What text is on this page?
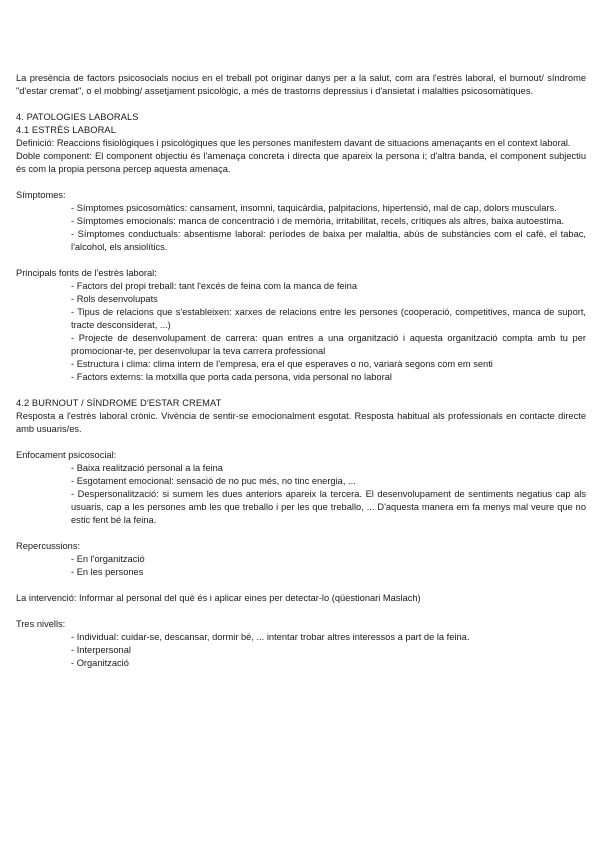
La presència de factors psicosocials nocius en el treball pot originar danys per a la salut, com ara l'estrès laboral, el burnout/ síndrome "d'estar cremat", o el mobbing/ assetjament psicològic, a més de trastorns depressius i d'ansietat i malalties psicosomàtiques.

4. PATOLOGIES LABORALS

4.1 ESTRÈS LABORAL

Definició: Reaccions fisiològiques i psicològiques que les persones manifestem davant de situacions amenaçants en el context laboral.

Doble component: El component objectiu és l'amenaça concreta i directa que apareix la persona i; d'altra banda, el component subjectiu és com la propia persona percep aquesta amenaça.

Símptomes:

- Símptomes psicosomàtics: cansament, insomni, taquicàrdia, palpitacions, hipertensió, mal de cap, dolors musculars.
- Símptomes emocionals: manca de concentració i de memòria, irritabilitat, recels, crítiques als altres, baixa autoestima.
- Símptomes conductuals: absentisme laboral: períodes de baixa per malaltia, abús de substàncies com el cafè, el tabac, l'alcohol, els ansiolítics.

Principals fonts de l'estrès laboral:

- Factors del propi treball: tant l'excés de feina com la manca de feina
- Rols desenvolupats
- Tipus de relacions que s'estableixen: xarxes de relacions entre les persones (cooperació, competitives, manca de suport, tracte desconsiderat, ...)
- Projecte de desenvolupament de carrera: quan entres a una organització i aquesta organització compta amb tu per promocionar-te, per desenvolupar la teva carrera professional
- Estructura i clima: clima intern de l'empresa, era el que esperaves o no, variarà segons com em senti
- Factors externs: la motxilla que porta cada persona, vida personal no laboral

4.2 BURNOUT / SÍNDROME D'ESTAR CREMAT

Resposta a l'estrès laboral crònic. Vivència de sentir-se emocionalment esgotat. Resposta habitual als professionals en contacte directe amb usuaris/es.

Enfocament psicosocial:

- Baixa realització personal a la feina
- Esgotament emocional: sensació de no puc més, no tinc energia, ...
- Despersonalització: si sumem les dues anteriors apareix la tercera. El desenvolupament de sentiments negatius cap als usuaris, cap a les persones amb les que treballo i per les que treballo, ... D'aquesta manera em fa menys mal veure que no estic fent bé la feina.

Repercussions:

- En l'organització
- En les persones

La intervenció: Informar al personal del què és i aplicar eines per detectar-lo (qüestionari Maslach)

Tres nivells:

- Individual: cuidar-se, descansar, dormir bé, ... intentar trobar altres interessos a part de la feina.
- Interpersonal
- Organització
